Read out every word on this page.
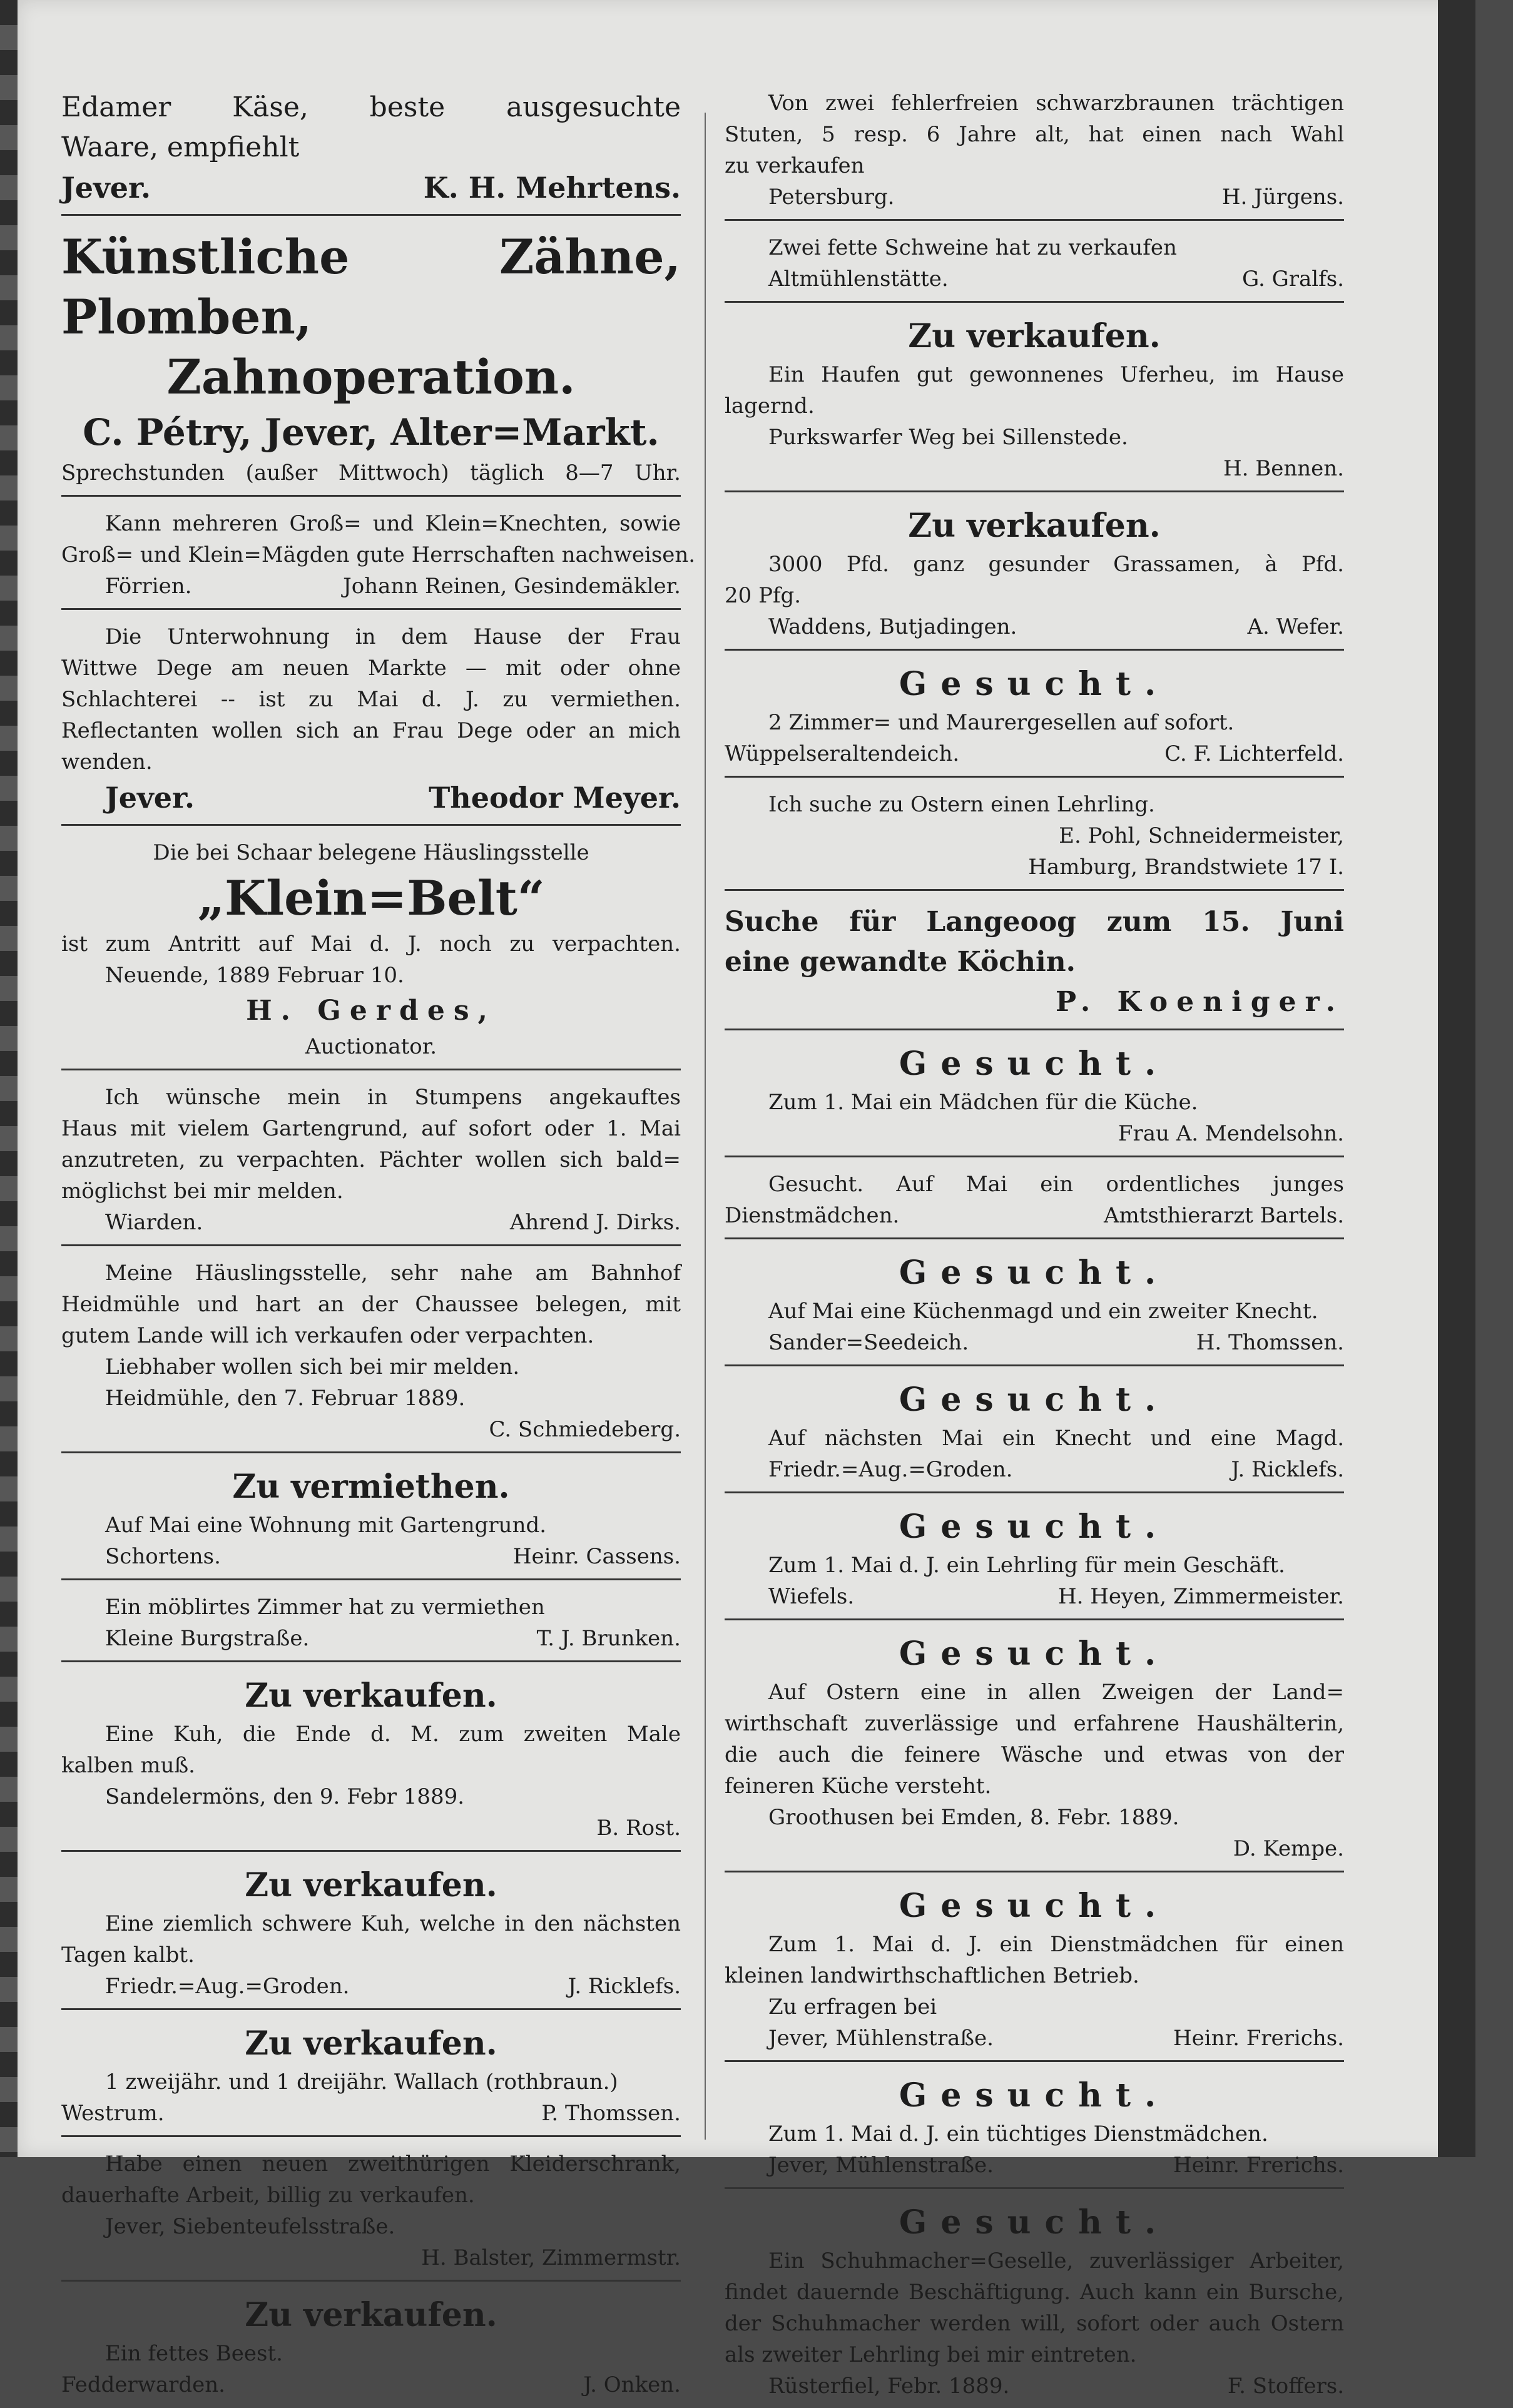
Edamer Käse, beste ausgesuchte
Waare, empfiehlt
Jever.	K. H. Mehrtens.
Künstliche Zähne, Plomben,
Zahnoperation.
C. Pétry, Jever, Alter=Markt.
Sprechstunden (außer Mittwoch) täglich 8—7 Uhr.
Kann mehreren Groß= und Klein=Knechten, sowie
Groß= und Klein=Mägden gute Herrschaften nachweisen.
Förrien.	Johann Reinen, Gesindemäkler.
Die Unterwohnung in dem Hause der Frau
Wittwe Dege am neuen Markte — mit oder ohne
Schlachterei -- ist zu Mai d. J. zu vermiethen.
Reflectanten wollen sich an Frau Dege oder an mich
wenden.
Jever.	Theodor Meyer.
Die bei Schaar belegene Häuslingsstelle
„Klein=Belt“
ist zum Antritt auf Mai d. J. noch zu verpachten.
Neuende, 1889 Februar 10.
H. Gerdes,
Auctionator.
Ich wünsche mein in Stumpens angekauftes
Haus mit vielem Gartengrund, auf sofort oder 1. Mai
anzutreten, zu verpachten. Pächter wollen sich bald=
möglichst bei mir melden.
Wiarden.	Ahrend J. Dirks.
Meine Häuslingsstelle, sehr nahe am Bahnhof
Heidmühle und hart an der Chaussee belegen, mit
gutem Lande will ich verkaufen oder verpachten.
Liebhaber wollen sich bei mir melden.
Heidmühle, den 7. Februar 1889.
C. Schmiedeberg.
Zu vermiethen.
Auf Mai eine Wohnung mit Gartengrund.
Schortens.	Heinr. Cassens.
Ein möblirtes Zimmer hat zu vermiethen
Kleine Burgstraße.	T. J. Brunken.
Zu verkaufen.
Eine Kuh, die Ende d. M. zum zweiten Male
kalben muß.
Sandelermöns, den 9. Febr 1889.
B. Rost.
Zu verkaufen.
Eine ziemlich schwere Kuh, welche in den nächsten
Tagen kalbt.
Friedr.=Aug.=Groden.	J. Ricklefs.
Zu verkaufen.
1 zweijähr. und 1 dreijähr. Wallach (rothbraun.)
Westrum.	P. Thomssen.
Habe einen neuen zweithürigen Kleiderschrank,
dauerhafte Arbeit, billig zu verkaufen.
Jever, Siebenteufelsstraße.
H. Balster, Zimmermstr.
Zu verkaufen.
Ein fettes Beest.
Fedderwarden.	J. Onken.
Von zwei fehlerfreien schwarzbraunen trächtigen
Stuten, 5 resp. 6 Jahre alt, hat einen nach Wahl
zu verkaufen
Petersburg.	H. Jürgens.
Zwei fette Schweine hat zu verkaufen
Altmühlenstätte.	G. Gralfs.
Zu verkaufen.
Ein Haufen gut gewonnenes Uferheu, im Hause
lagernd.
Purkswarfer Weg bei Sillenstede.
H. Bennen.
Zu verkaufen.
3000 Pfd. ganz gesunder Grassamen, à Pfd.
20 Pfg.
Waddens, Butjadingen.	A. Wefer.
Gesucht.
2 Zimmer= und Maurergesellen auf sofort.
Wüppelseraltendeich.	C. F. Lichterfeld.
Ich suche zu Ostern einen Lehrling.
E. Pohl, Schneidermeister,
Hamburg, Brandstwiete 17 I.
Suche für Langeoog zum 15. Juni
eine gewandte Köchin.
P. Koeniger.
Gesucht.
Zum 1. Mai ein Mädchen für die Küche.
Frau A. Mendelsohn.
Gesucht. Auf Mai ein ordentliches junges
Dienstmädchen.	Amtsthierarzt Bartels.
Gesucht.
Auf Mai eine Küchenmagd und ein zweiter Knecht.
Sander=Seedeich.	H. Thomssen.
Gesucht.
Auf nächsten Mai ein Knecht und eine Magd.
Friedr.=Aug.=Groden.	J. Ricklefs.
Gesucht.
Zum 1. Mai d. J. ein Lehrling für mein Geschäft.
Wiefels.	H. Heyen, Zimmermeister.
Gesucht.
Auf Ostern eine in allen Zweigen der Land=
wirthschaft zuverlässige und erfahrene Haushälterin,
die auch die feinere Wäsche und etwas von der
feineren Küche versteht.
Groothusen bei Emden, 8. Febr. 1889.
D. Kempe.
Gesucht.
Zum 1. Mai d. J. ein Dienstmädchen für einen
kleinen landwirthschaftlichen Betrieb.
Zu erfragen bei
Jever, Mühlenstraße.	Heinr. Frerichs.
Gesucht.
Zum 1. Mai d. J. ein tüchtiges Dienstmädchen.
Jever, Mühlenstraße.	Heinr. Frerichs.
Gesucht.
Ein Schuhmacher=Geselle, zuverlässiger Arbeiter,
findet dauernde Beschäftigung. Auch kann ein Bursche,
der Schuhmacher werden will, sofort oder auch Ostern
als zweiter Lehrling bei mir eintreten.
Rüsterfiel, Febr. 1889.	F. Stoffers.
